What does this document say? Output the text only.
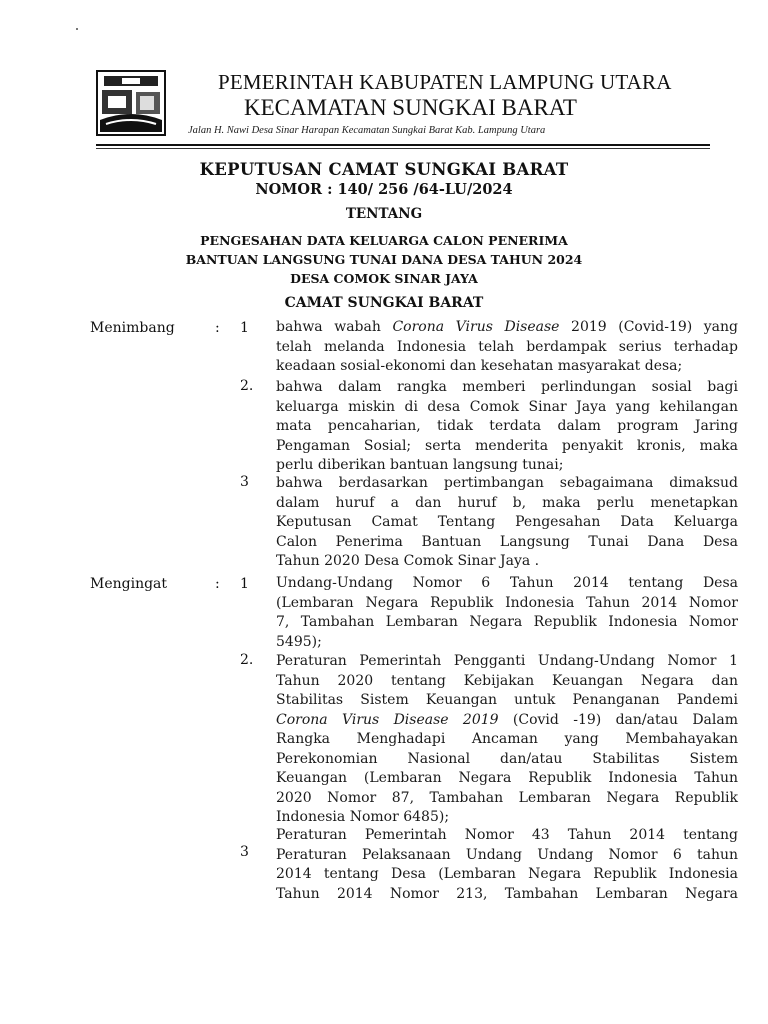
PEMERINTAH KABUPATEN LAMPUNG UTARA
KECAMATAN SUNGKAI BARAT
Jalan H. Nawi Desa Sinar Harapan Kecamatan Sungkai Barat Kab. Lampung Utara
KEPUTUSAN CAMAT SUNGKAI BARAT
NOMOR : 140/ 256 /64-LU/2024
TENTANG
PENGESAHAN DATA KELUARGA CALON PENERIMA
BANTUAN LANGSUNG TUNAI DANA DESA TAHUN 2024
DESA COMOK SINAR JAYA
CAMAT SUNGKAI BARAT
Menimbang	: 1 bahwa wabah Corona Virus Disease 2019 (Covid-19) yang
telah melanda Indonesia telah berdampak serius terhadap
keadaan sosial-ekonomi dan kesehatan masyarakat desa;
2. bahwa dalam rangka memberi perlindungan sosial bagi
keluarga miskin di desa Comok Sinar Jaya yang kehilangan
mata pencaharian, tidak terdata dalam program Jaring
Pengaman Sosial; serta menderita penyakit kronis, maka
perlu diberikan bantuan langsung tunai;
3 bahwa berdasarkan pertimbangan sebagaimana dimaksud
dalam huruf a dan huruf b, maka perlu menetapkan
Keputusan Camat Tentang Pengesahan Data Keluarga
Calon Penerima Bantuan Langsung Tunai Dana Desa
Tahun 2020 Desa Comok Sinar Jaya .
Mengingat	: 1 Undang-Undang Nomor 6 Tahun 2014 tentang Desa
(Lembaran Negara Republik Indonesia Tahun 2014 Nomor
7, Tambahan Lembaran Negara Republik Indonesia Nomor
5495);
2. Peraturan Pemerintah Pengganti Undang-Undang Nomor 1
Tahun 2020 tentang Kebijakan Keuangan Negara dan
Stabilitas Sistem Keuangan untuk Penanganan Pandemi
Corona Virus Disease 2019 (Covid -19) dan/atau Dalam
Rangka Menghadapi Ancaman yang Membahayakan
Perekonomian Nasional dan/atau Stabilitas Sistem
Keuangan (Lembaran Negara Republik Indonesia Tahun
2020 Nomor 87, Tambahan Lembaran Negara Republik
Indonesia Nomor 6485);
3
Peraturan Pemerintah Nomor 43 Tahun 2014 tentang
Peraturan Pelaksanaan Undang Undang Nomor 6 tahun
2014 tentang Desa (Lembaran Negara Republik Indonesia
Tahun 2014 Nomor 213, Tambahan Lembaran Negara
